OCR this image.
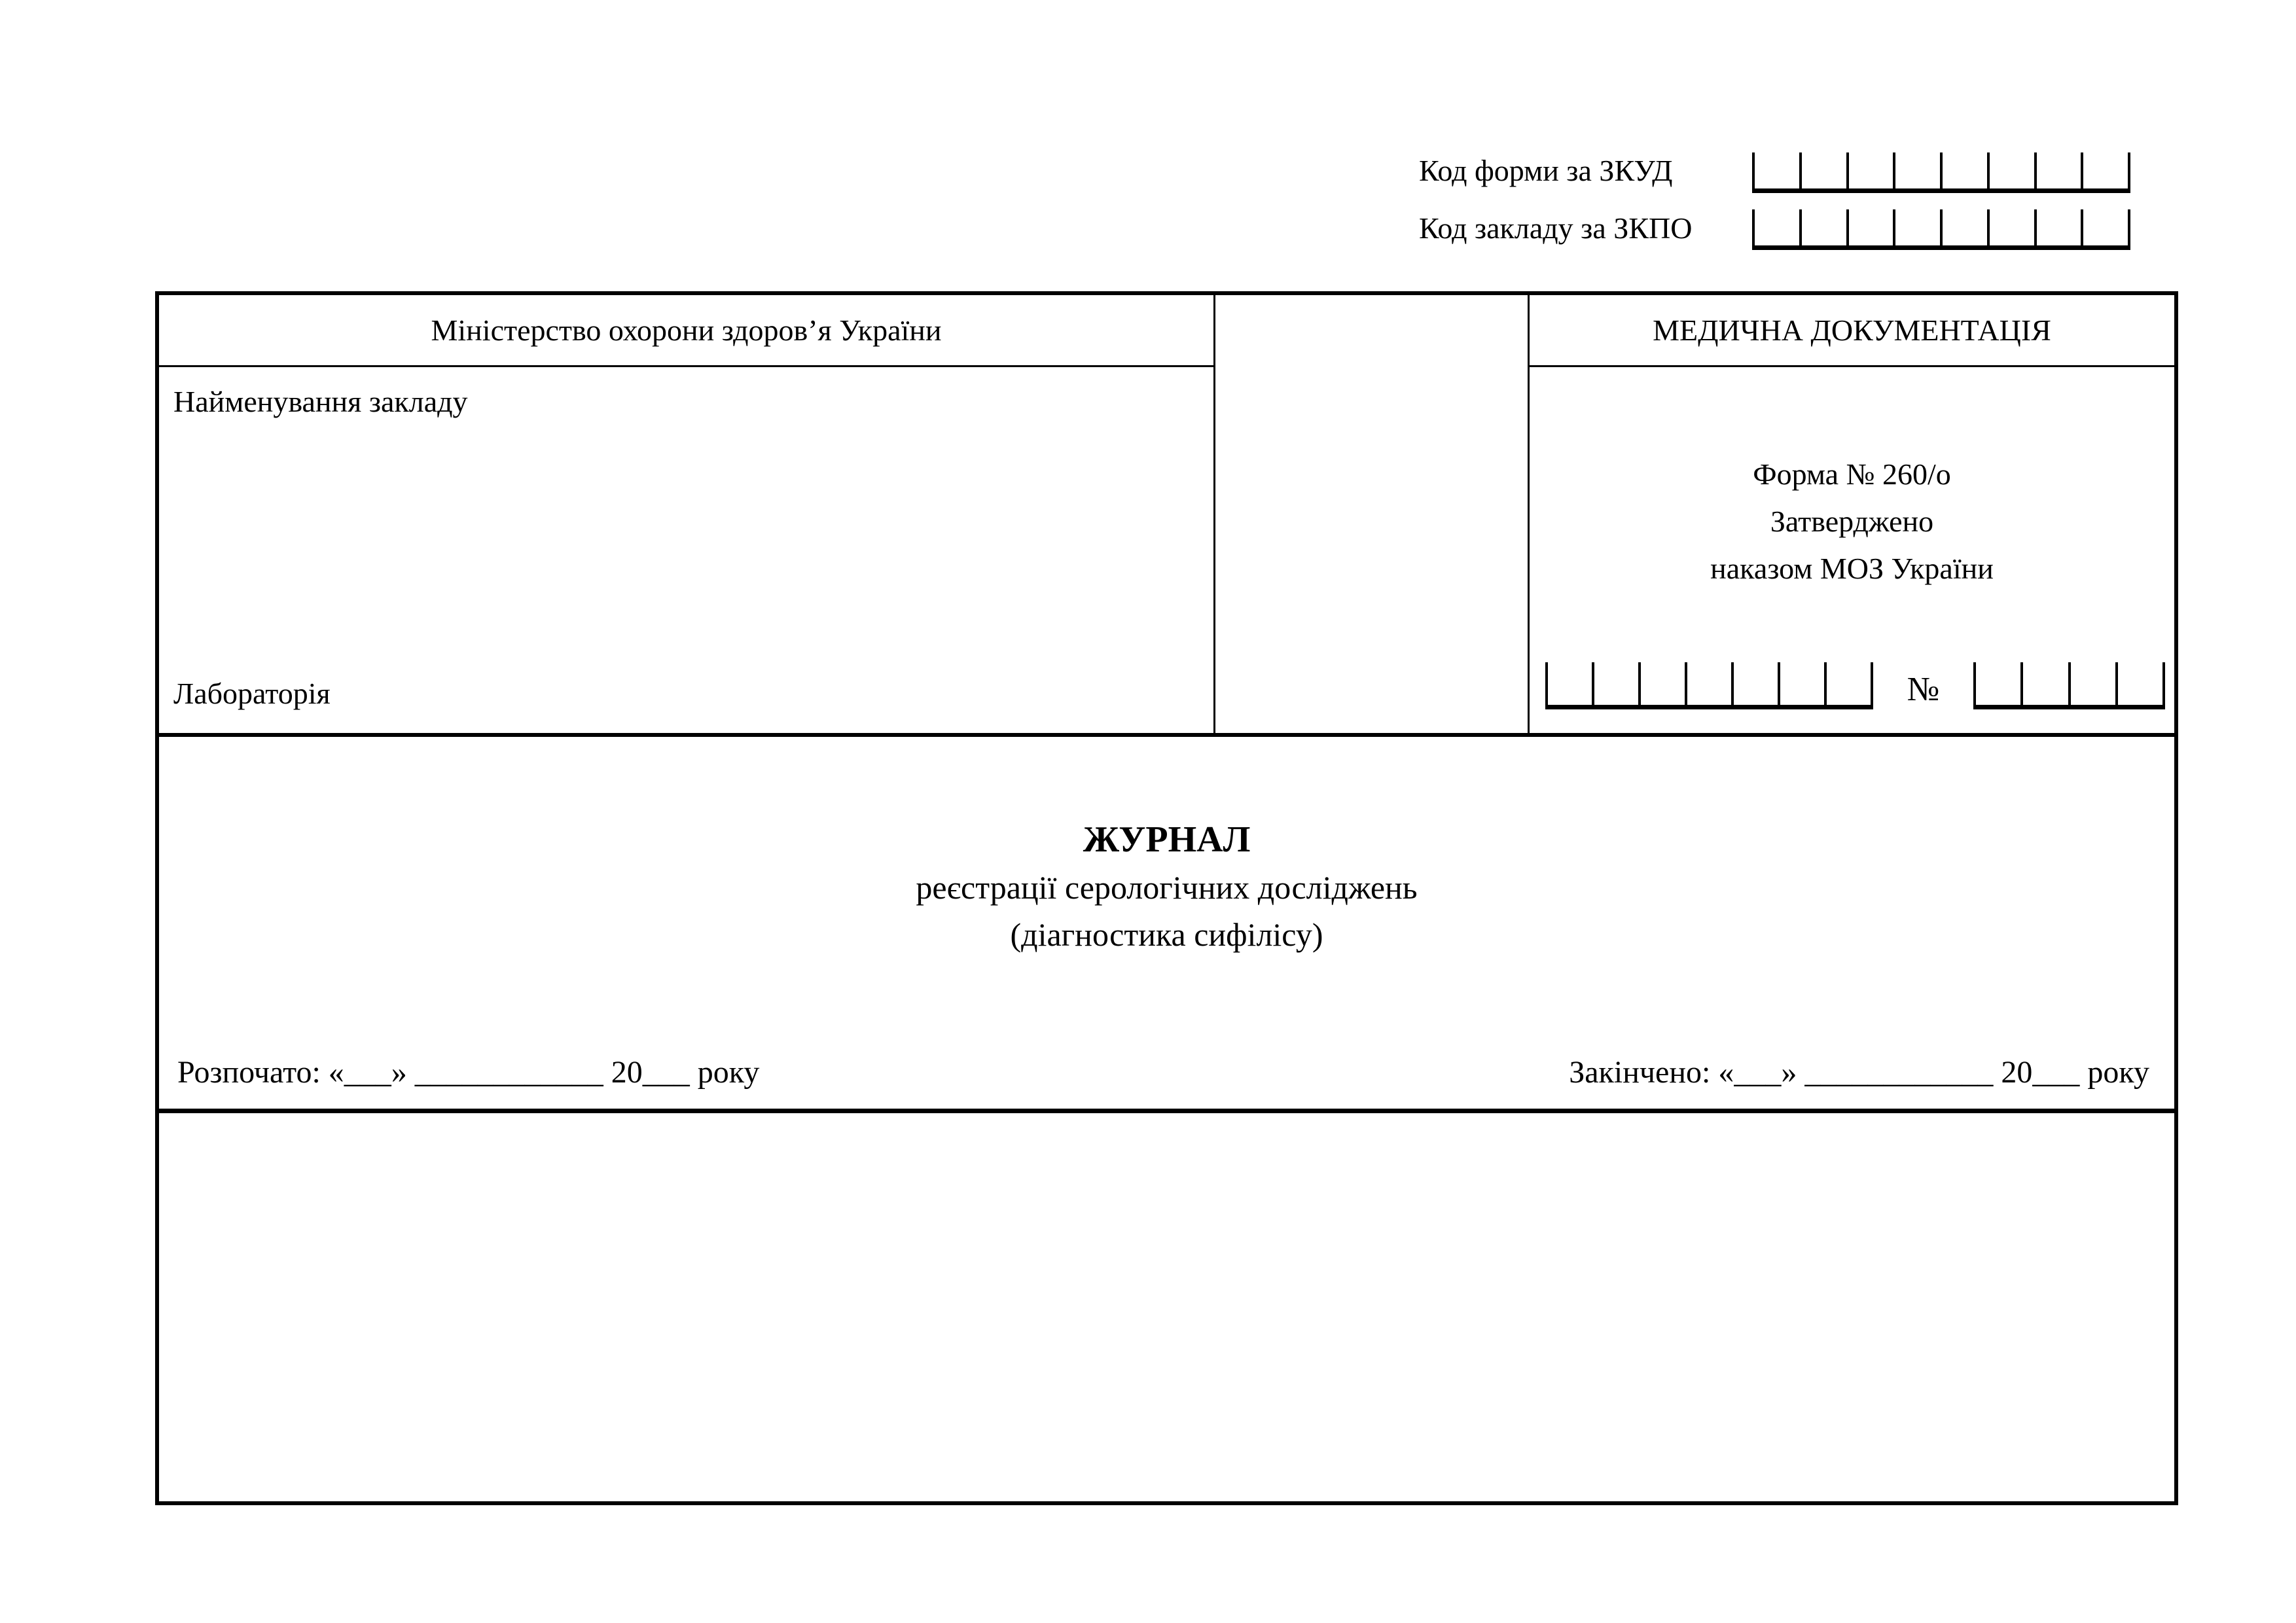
Код форми за ЗКУД
Код закладу за ЗКПО
Міністерство охорони здоров’я України
Найменування закладу
Лабораторія
МЕДИЧНА ДОКУМЕНТАЦІЯ
Форма № 260/о
Затверджено
наказом МОЗ України
№
ЖУРНАЛ
реєстрації серологічних досліджень
(діагностика сифілісу)
Розпочато: «___» ____________ 20___ року	Закінчено: «___» ____________ 20___ року
